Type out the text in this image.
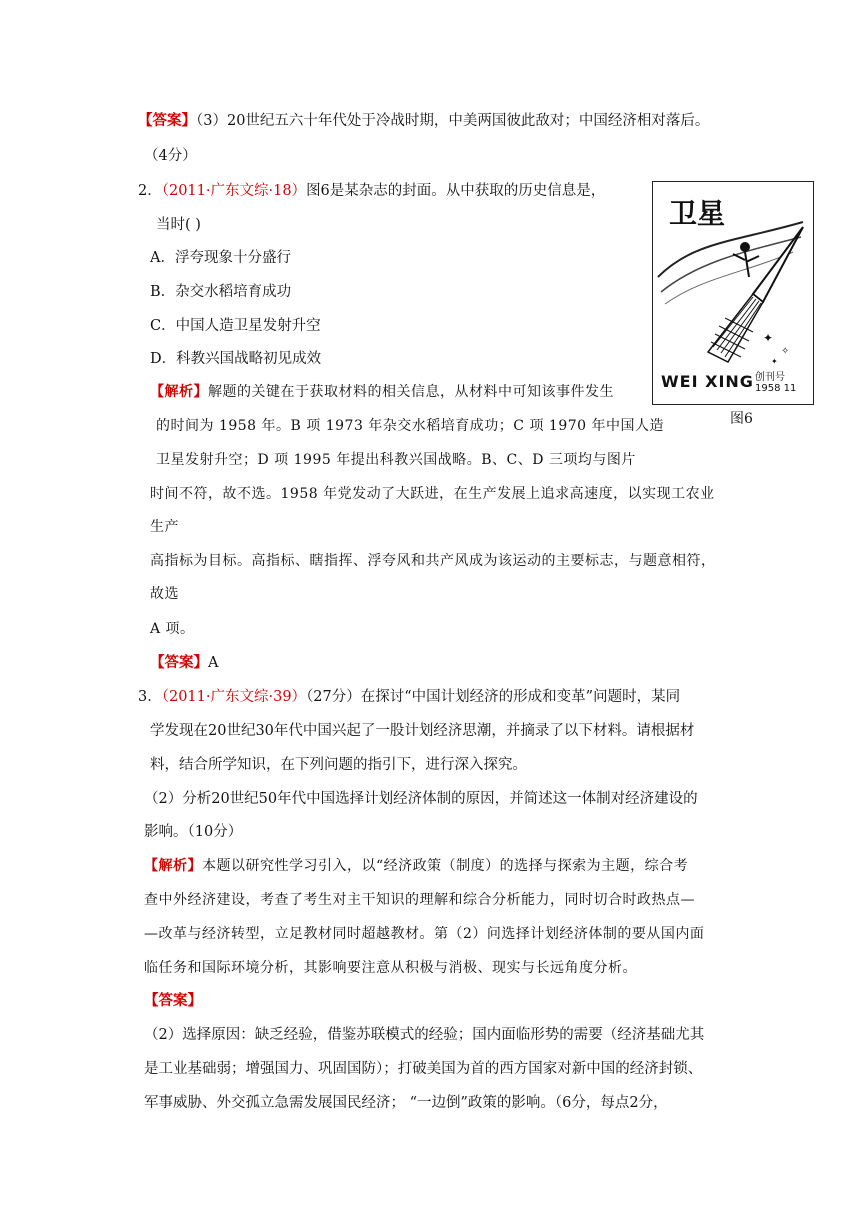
【答案】（3）20世纪五六十年代处于冷战时期，中美两国彼此敌对；中国经济相对落后。
（4分）
2．（2011·广东文综·18）图6是某杂志的封面。从中获取的历史信息是，
当时( )
A．浮夸现象十分盛行
B．杂交水稻培育成功
C．中国人造卫星发射升空
D．科教兴国战略初见成效
【解析】解题的关键在于获取材料的相关信息，从材料中可知该事件发生
的时间为 1958 年。B 项 1973 年杂交水稻培育成功；C 项 1970 年中国人造
卫星发射升空；D 项 1995 年提出科教兴国战略。B、C、D 三项均与图片
时间不符，故不选。1958 年党发动了大跃进，在生产发展上追求高速度，以实现工农业
生产
高指标为目标。高指标、瞎指挥、浮夸风和共产风成为该运动的主要标志，与题意相符，
故选
A 项。
【答案】A
卫星
✦
✧
✦
WEI XING 创刊号
1958 11
图6
3．（2011·广东文综·39）（27分）在探讨“中国计划经济的形成和变革”问题时，某同
学发现在20世纪30年代中国兴起了一股计划经济思潮，并摘录了以下材料。请根据材
料，结合所学知识，在下列问题的指引下，进行深入探究。
（2）分析20世纪50年代中国选择计划经济体制的原因，并简述这一体制对经济建设的
影响。（10分）
【解析】本题以研究性学习引入，以“经济政策（制度）的选择与探索为主题，综合考
查中外经济建设，考查了考生对主干知识的理解和综合分析能力，同时切合时政热点—
—改革与经济转型，立足教材同时超越教材。第（2）问选择计划经济体制的要从国内面
临任务和国际环境分析，其影响要注意从积极与消极、现实与长远角度分析。
【答案】
（2）选择原因：缺乏经验，借鉴苏联模式的经验；国内面临形势的需要（经济基础尤其
是工业基础弱；增强国力、巩固国防）；打破美国为首的西方国家对新中国的经济封锁、
军事威胁、外交孤立急需发展国民经济； “一边倒”政策的影响。（6分，每点2分，
